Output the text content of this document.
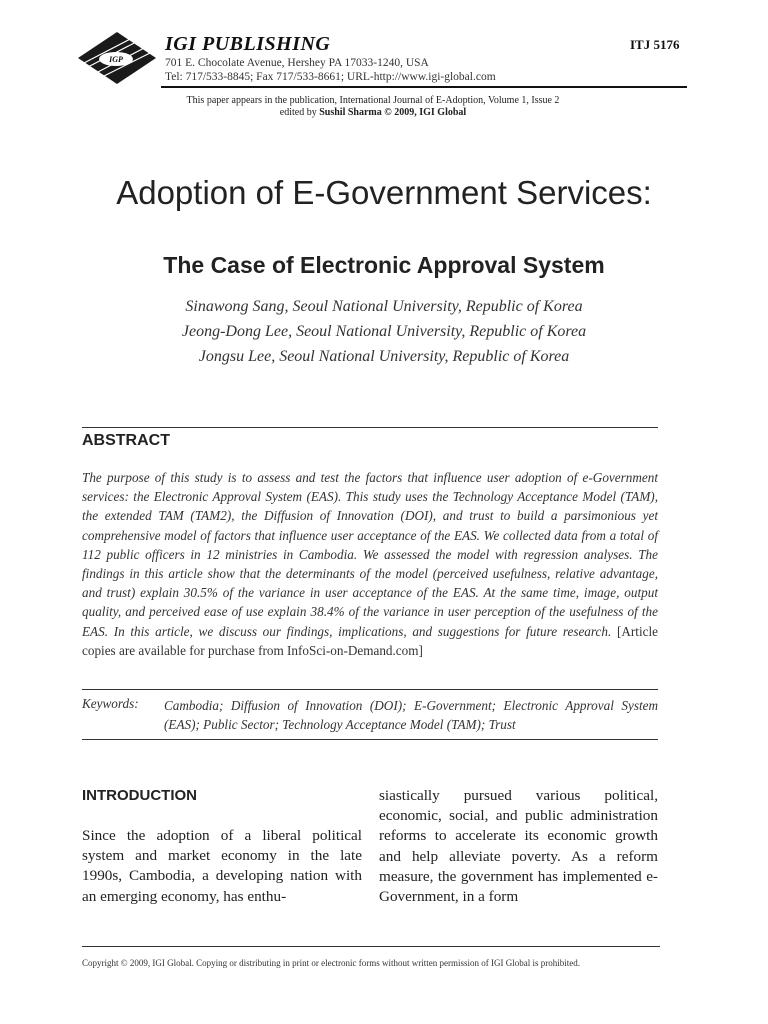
IGP
IGI PUBLISHING	ITJ 5176
701 E. Chocolate Avenue, Hershey PA 17033-1240, USA
Tel: 717/533-8845; Fax 717/533-8661; URL-http://www.igi-global.com
This paper appears in the publication, International Journal of E-Adoption, Volume 1, Issue 2
edited by Sushil Sharma © 2009, IGI Global
Adoption of E-Government Services:
The Case of Electronic Approval System
Sinawong Sang, Seoul National University, Republic of Korea
Jeong-Dong Lee, Seoul National University, Republic of Korea
Jongsu Lee, Seoul National University, Republic of Korea
ABSTRACT

The purpose of this study is to assess and test the factors that influence user adoption of e-Government services: the Electronic Approval System (EAS). This study uses the Technology Acceptance Model (TAM), the extended TAM (TAM2), the Diffusion of Innovation (DOI), and trust to build a parsimonious yet comprehensive model of factors that influence user acceptance of the EAS. We collected data from a total of 112 public officers in 12 ministries in Cambodia. We assessed the model with regression analyses. The findings in this article show that the determinants of the model (perceived usefulness, relative advantage, and trust) explain 30.5% of the variance in user acceptance of the EAS. At the same time, image, output quality, and perceived ease of use explain 38.4% of the variance in user perception of the usefulness of the EAS. In this article, we discuss our findings, implications, and suggestions for future research. [Article copies are available for purchase from InfoSci-on-Demand.com]

Keywords: Cambodia; Diffusion of Innovation (DOI); E-Government; Electronic Approval System (EAS); Public Sector; Technology Acceptance Model (TAM); Trust
INTRODUCTION

Since the adoption of a liberal political system and market economy in the late 1990s, Cambodia, a developing nation with an emerging economy, has enthu-

siastically pursued various political, economic, social, and public administration reforms to accelerate its economic growth and help alleviate poverty. As a reform measure, the government has implemented e-Government, in a form

Copyright © 2009, IGI Global. Copying or distributing in print or electronic forms without written permission of IGI Global is prohibited.
